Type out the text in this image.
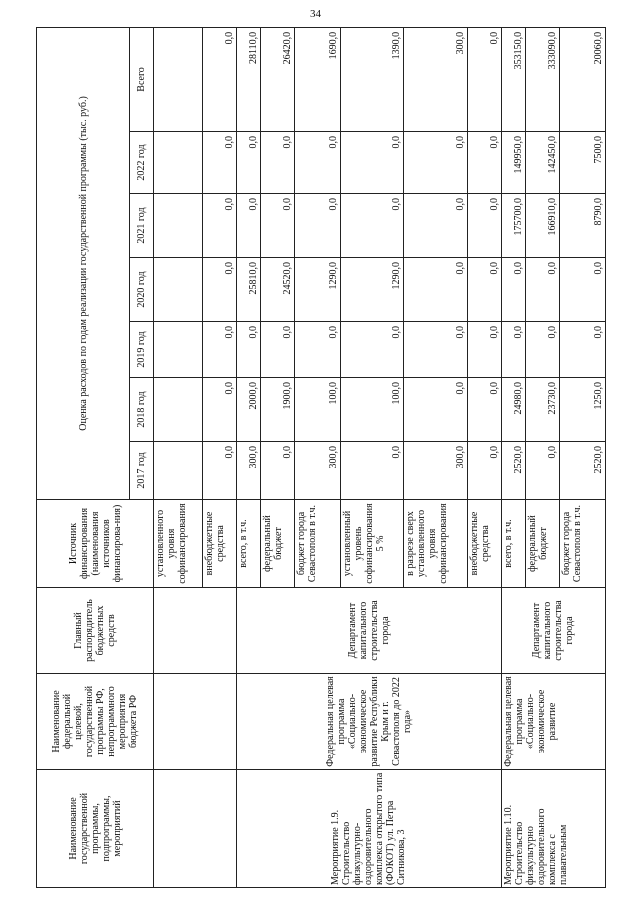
34
Наименование государственной программы, подпрограммы, мероприятий	Наименование федеральной целевой, государственной программы РФ, непрограммного мероприятия бюджета РФ	Главный распорядитель бюджетных средств	Источник финансирования (наименования источников финансирова-ния)	Оценка расходов по годам реализации государственной программы (тыс. руб.)						
				2017 год	2018 год	2019 год	2020 год	2021 год	2022 год	Всего
			установленного уровня софинансирования							
			внебюджетные средства	0,0	0,0	0,0	0,0	0,0	0,0	0,0
Мероприятие 1.9. Строительство физкультурно-оздоровительного комплекса открытого типа (ФОКОТ) ул. Петра Ситникова, 3	Федеральная целевая программа «Социально-экономическое развитие Республики Крым и г. Севастополя до 2022 года»	Департамент капитального строительства города	всего, в т.ч.	300,0	2000,0	0,0	25810,0	0,0	0,0	28110,0
			федеральный бюджет	0,0	1900,0	0,0	24520,0	0,0	0,0	26420,0
			бюджет города Севастополя в т.ч.	300,0	100,0	0,0	1290,0	0,0	0,0	1690,0
			установленный уровень софинансирования 5 %	0,0	100,0	0,0	1290,0	0,0	0,0	1390,0
			в разрезе сверх установленного уровня софинансирования	300,0	0,0	0,0	0,0	0,0	0,0	300,0
			внебюджетные средства	0,0	0,0	0,0	0,0	0,0	0,0	0,0
Мероприятие 1.10. Строительство физкультурно оздоровительного комплекса с плавательным	Федеральная целевая программа «Социально-экономическое развитие	Департамент капитального строительства города	всего, в т.ч.	2520,0	24980,0	0,0	0,0	175700,0	149950,0	353150,0
			федеральный бюджет	0,0	23730,0	0,0	0,0	166910,0	142450,0	333090,0
			бюджет города Севастополя в т.ч.	2520,0	1250,0	0,0	0,0	8790,0	7500,0	20060,0
